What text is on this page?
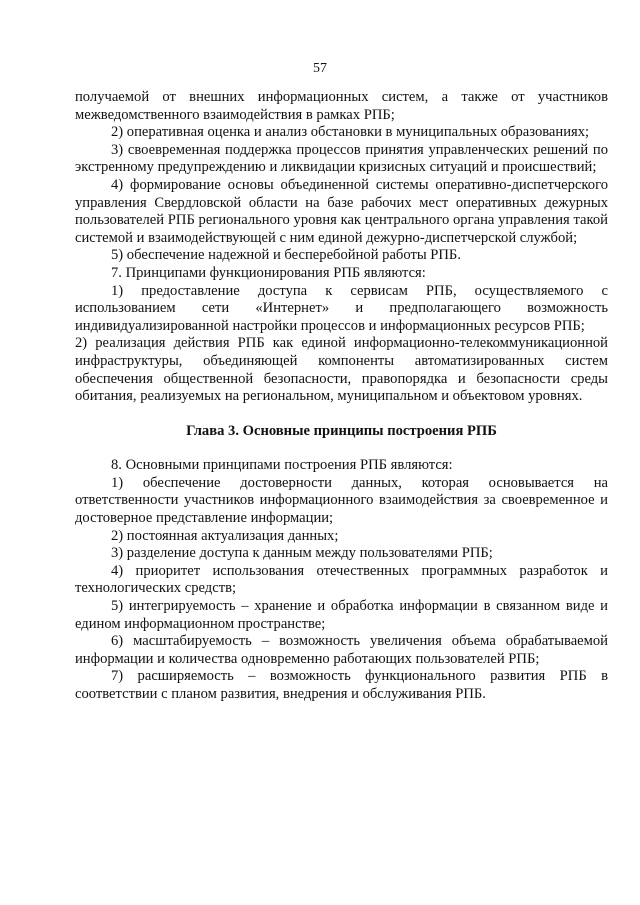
57

получаемой от внешних информационных систем, а также от участников межведомственного взаимодействия в рамках РПБ;

2) оперативная оценка и анализ обстановки в муниципальных образованиях;

3) своевременная поддержка процессов принятия управленческих решений по экстренному предупреждению и ликвидации кризисных ситуаций и происшествий;

4) формирование основы объединенной системы оперативно-диспетчерского управления Свердловской области на базе рабочих мест оперативных дежурных пользователей РПБ регионального уровня как центрального органа управления такой системой и взаимодействующей с ним единой дежурно-диспетчерской службой;

5) обеспечение надежной и бесперебойной работы РПБ.

7. Принципами функционирования РПБ являются:

1) предоставление доступа к сервисам РПБ, осуществляемого с использованием сети «Интернет» и предполагающего возможность индивидуализированной настройки процессов и информационных ресурсов РПБ;

2) реализация действия РПБ как единой информационно-телекоммуникационной инфраструктуры, объединяющей компоненты автоматизированных систем обеспечения общественной безопасности, правопорядка и безопасности среды обитания, реализуемых на региональном, муниципальном и объектовом уровнях.

Глава 3. Основные принципы построения РПБ

8. Основными принципами построения РПБ являются:

1) обеспечение достоверности данных, которая основывается на ответственности участников информационного взаимодействия за своевременное и достоверное представление информации;

2) постоянная актуализация данных;

3) разделение доступа к данным между пользователями РПБ;

4) приоритет использования отечественных программных разработок и технологических средств;

5) интегрируемость – хранение и обработка информации в связанном виде и едином информационном пространстве;

6) масштабируемость – возможность увеличения объема обрабатываемой информации и количества одновременно работающих пользователей РПБ;

7) расширяемость – возможность функционального развития РПБ в соответствии с планом развития, внедрения и обслуживания РПБ.
